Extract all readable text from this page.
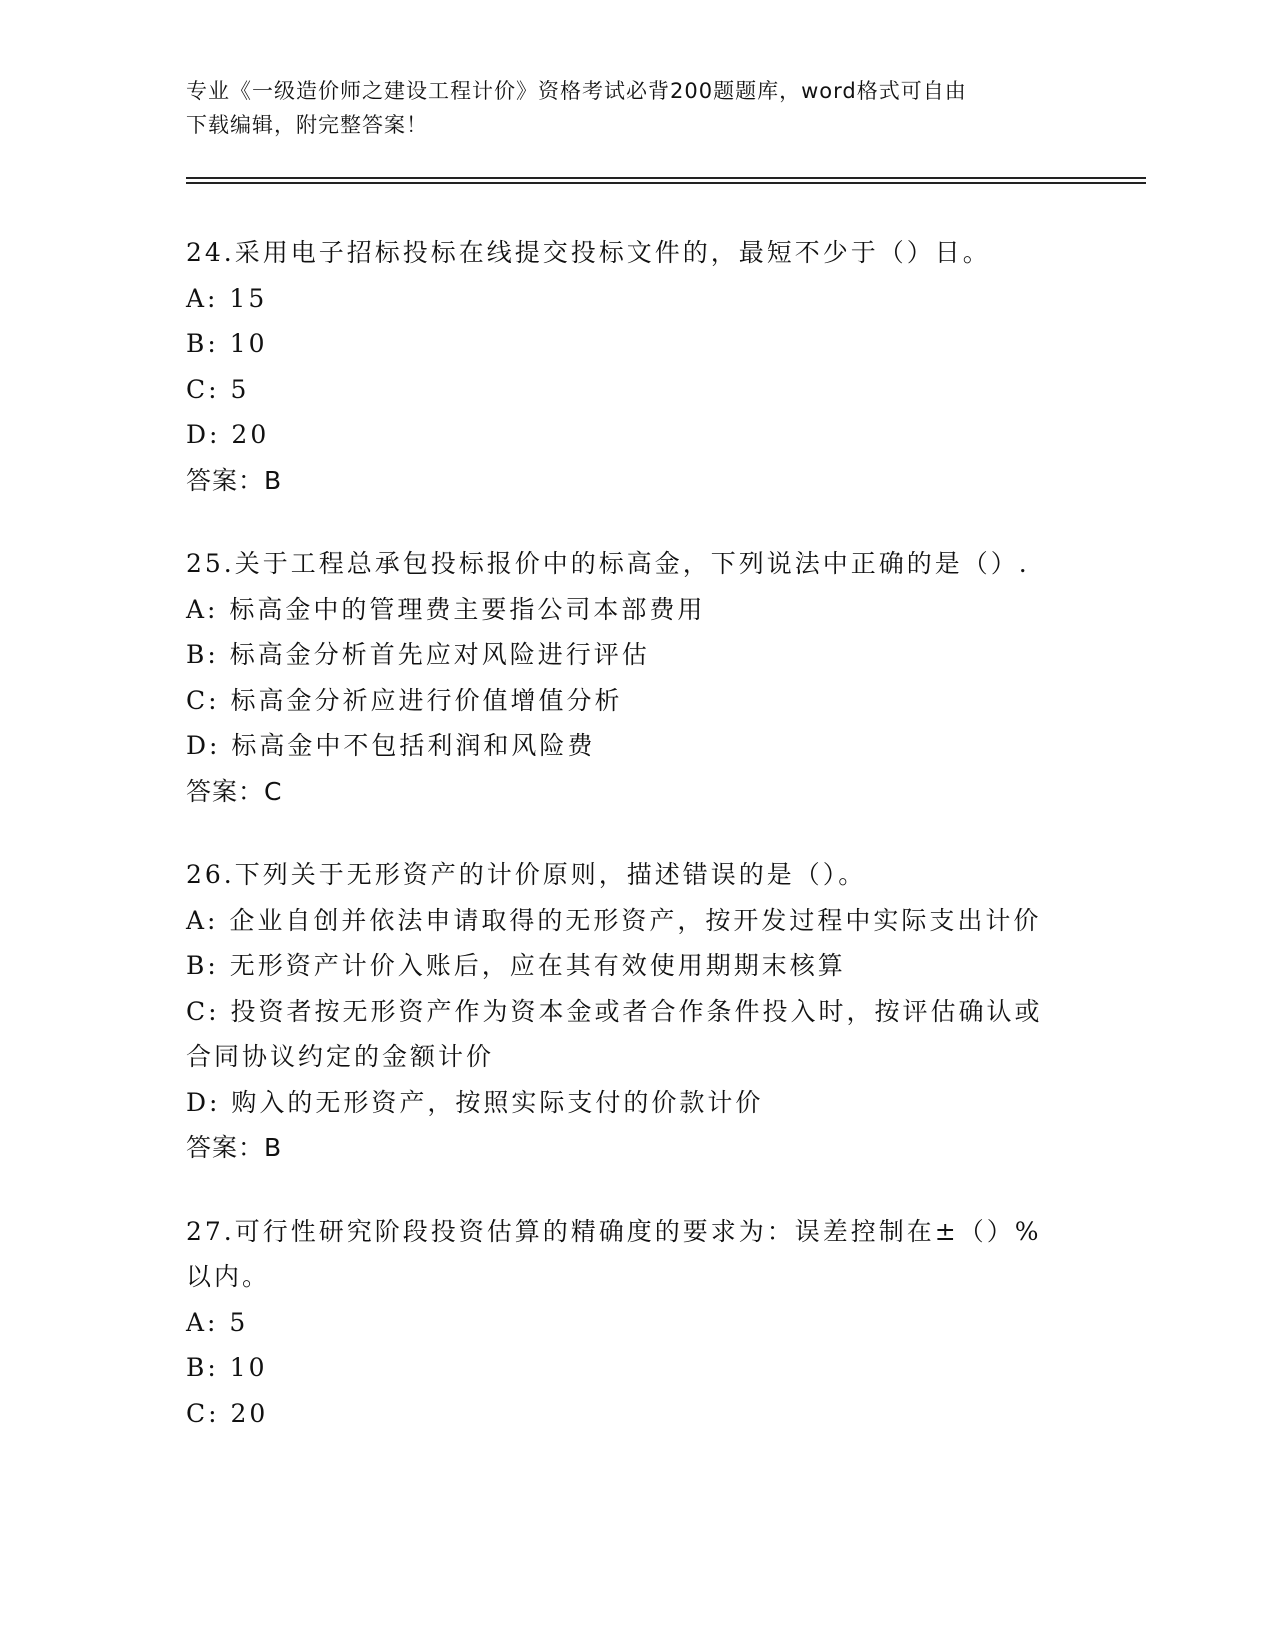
专业《一级造价师之建设工程计价》资格考试必背200题题库，word格式可自由
下载编辑，附完整答案！
24.采用电子招标投标在线提交投标文件的，最短不少于（）日。
A: 15
B: 10
C: 5
D: 20
答案：B
25.关于工程总承包投标报价中的标高金，下列说法中正确的是（）.
A: 标高金中的管理费主要指公司本部费用
B: 标高金分析首先应对风险进行评估
C: 标高金分祈应进行价值增值分析
D: 标高金中不包括利润和风险费
答案：C
26.下列关于无形资产的计价原则，描述错误的是（）。
A: 企业自创并依法申请取得的无形资产，按开发过程中实际支出计价
B: 无形资产计价入账后，应在其有效使用期期末核算
C: 投资者按无形资产作为资本金或者合作条件投入时，按评估确认或
合同协议约定的金额计价
D: 购入的无形资产，按照实际支付的价款计价
答案：B
27.可行性研究阶段投资估算的精确度的要求为：误差控制在±（）%
以内。
A: 5
B: 10
C: 20
